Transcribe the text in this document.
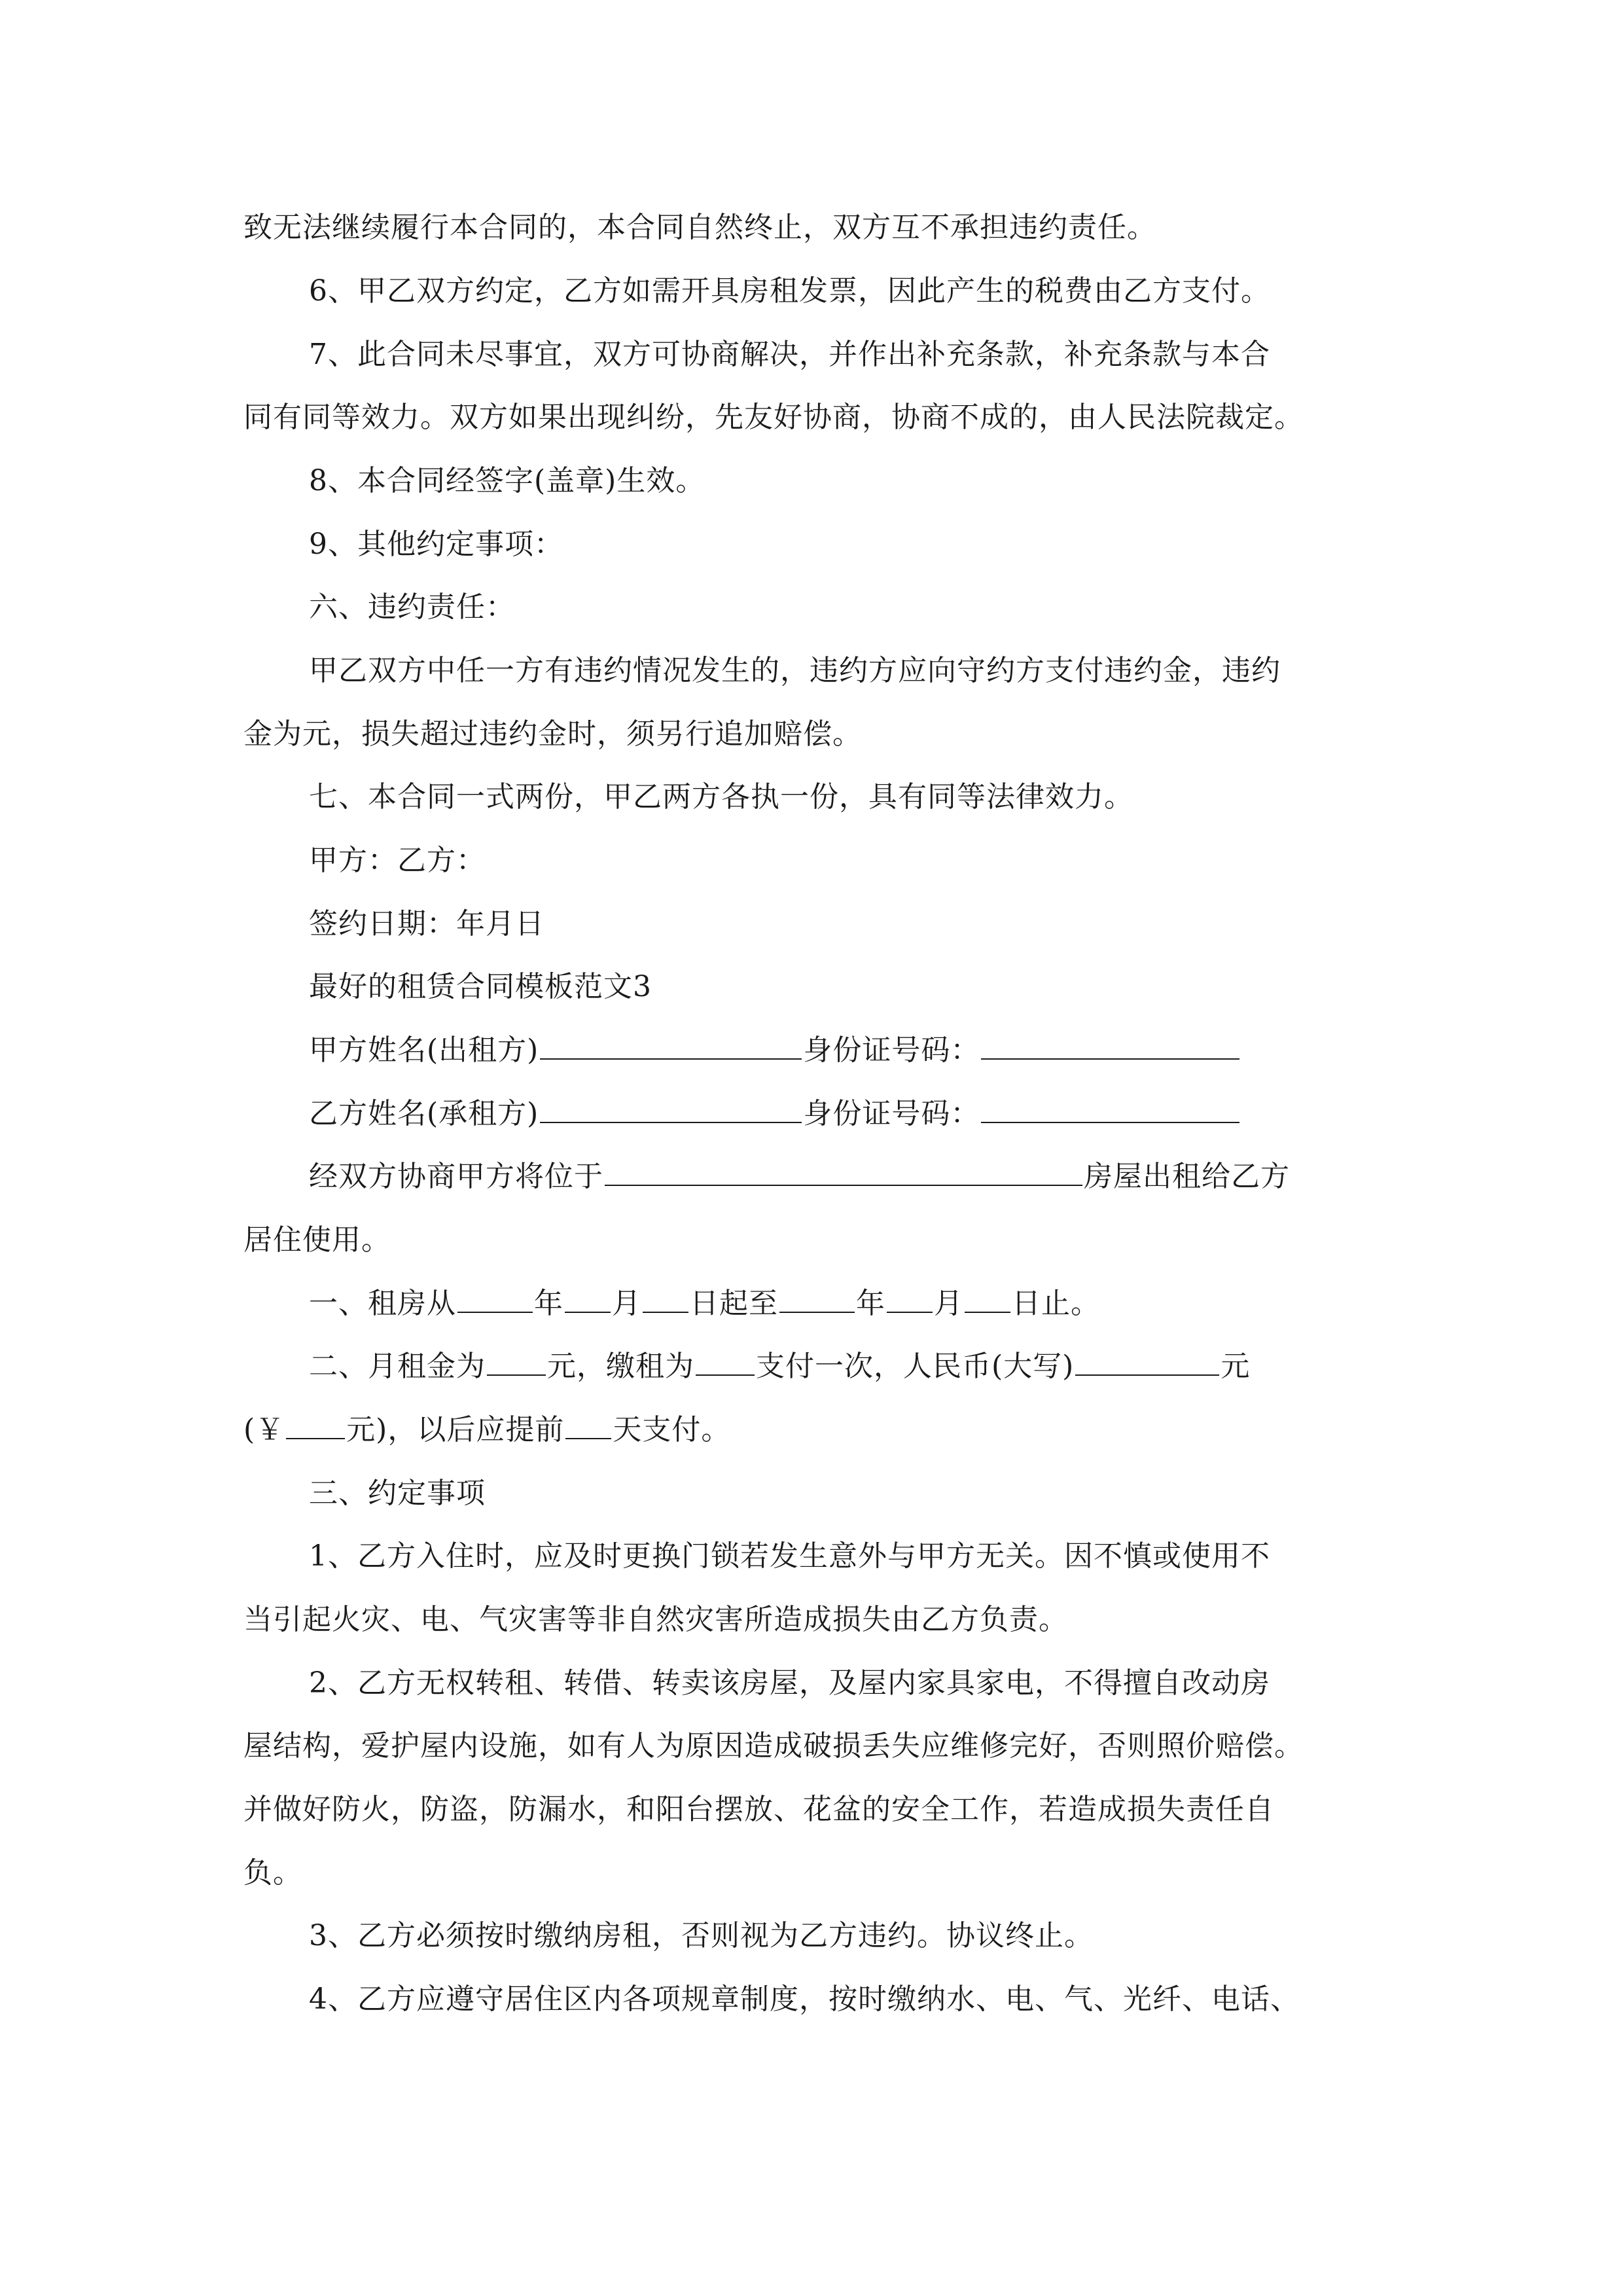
致无法继续履行本合同的，本合同自然终止，双方互不承担违约责任。
6、甲乙双方约定，乙方如需开具房租发票，因此产生的税费由乙方支付。
7、此合同未尽事宜，双方可协商解决，并作出补充条款，补充条款与本合
同有同等效力。双方如果出现纠纷，先友好协商，协商不成的，由人民法院裁定。
8、本合同经签字(盖章)生效。
9、其他约定事项：
六、违约责任：
甲乙双方中任一方有违约情况发生的，违约方应向守约方支付违约金，违约
金为元，损失超过违约金时，须另行追加赔偿。
七、本合同一式两份，甲乙两方各执一份，具有同等法律效力。
甲方：乙方：
签约日期：年月日
最好的租赁合同模板范文3
甲方姓名(出租方)	身份证号码：
乙方姓名(承租方)	身份证号码：
经双方协商甲方将位于	房屋出租给乙方
居住使用。
一、租房从	年 月 日起至	年 月 日止。
二、月租金为 元，缴租为 支付一次，人民币(大写)	元
(￥ 元)，以后应提前 天支付。
三、约定事项
1、乙方入住时，应及时更换门锁若发生意外与甲方无关。因不慎或使用不
当引起火灾、电、气灾害等非自然灾害所造成损失由乙方负责。
2、乙方无权转租、转借、转卖该房屋，及屋内家具家电，不得擅自改动房
屋结构，爱护屋内设施，如有人为原因造成破损丢失应维修完好，否则照价赔偿。
并做好防火，防盗，防漏水，和阳台摆放、花盆的安全工作，若造成损失责任自
负。
3、乙方必须按时缴纳房租，否则视为乙方违约。协议终止。
4、乙方应遵守居住区内各项规章制度，按时缴纳水、电、气、光纤、电话、
